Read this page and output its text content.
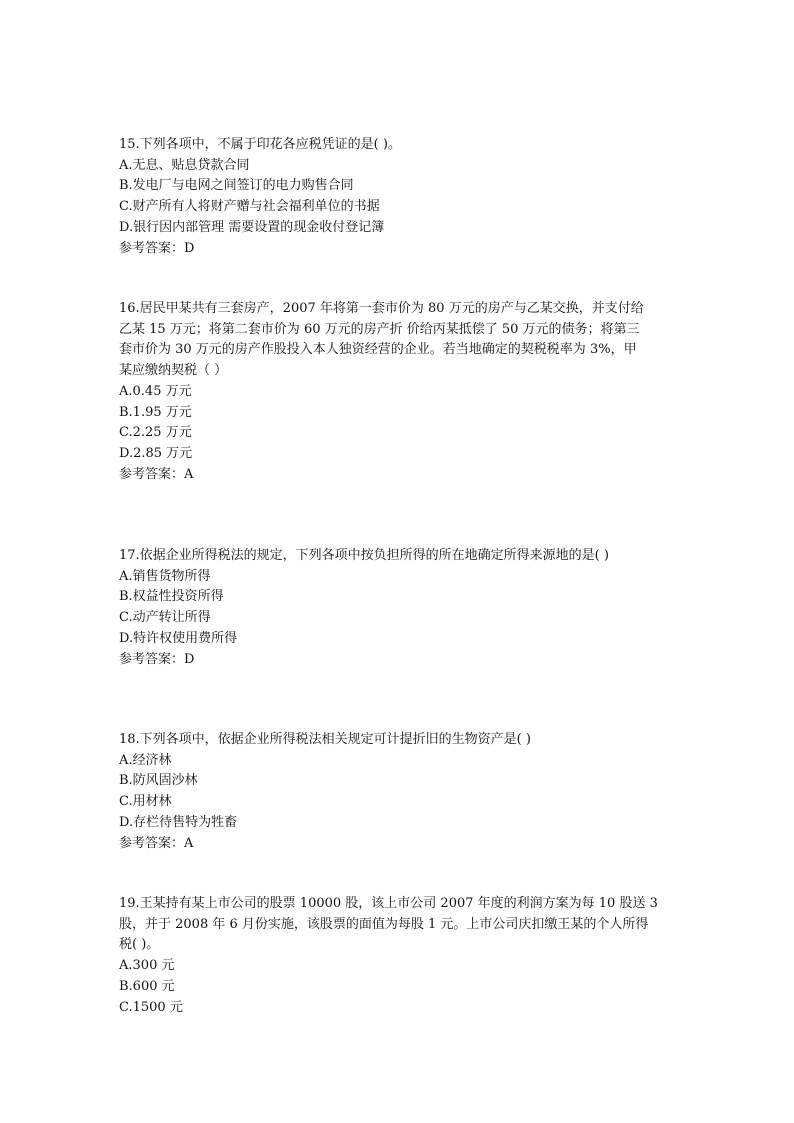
15.下列各项中，不属于印花各应税凭证的是( )。
A.无息、贴息贷款合同
B.发电厂与电网之间签订的电力购售合同
C.财产所有人将财产赠与社会福利单位的书据
D.银行因内部管理 需要设置的现金收付登记簿
参考答案：D
16.居民甲某共有三套房产，2007 年将第一套市价为 80 万元的房产与乙某交换，并支付给
乙某 15 万元；将第二套市价为 60 万元的房产折 价给丙某抵偿了 50 万元的债务；将第三
套市价为 30 万元的房产作股投入本人独资经营的企业。若当地确定的契税税率为 3%，甲
某应缴纳契税（ ）
A.0.45 万元
B.1.95 万元
C.2.25 万元
D.2.85 万元
参考答案：A
17.依据企业所得税法的规定，下列各项中按负担所得的所在地确定所得来源地的是( )
A.销售货物所得
B.权益性投资所得
C.动产转让所得
D.特许权使用费所得
参考答案：D
18.下列各项中，依据企业所得税法相关规定可计提折旧的生物资产是( )
A.经济林
B.防风固沙林
C.用材林
D.存栏待售特为牲畜
参考答案：A
19.王某持有某上市公司的股票 10000 股，该上市公司 2007 年度的利润方案为每 10 股送 3
股，并于 2008 年 6 月份实施，该股票的面值为每股 1 元。上市公司庆扣缴王某的个人所得
税( )。
A.300 元
B.600 元
C.1500 元
